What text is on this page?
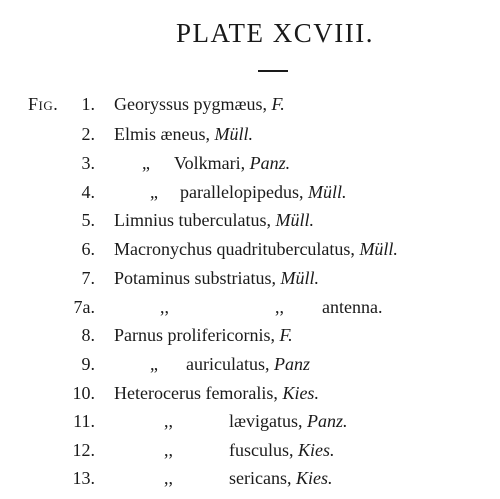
PLATE XCVIII.
Fig. 1. Georyssus pygmæus, F.
2. Elmis æneus, Müll.
3.	„ Volkmari, Panz.
4.	„ parallelopipedus, Müll.
5. Limnius tuberculatus, Müll.
6. Macronychus quadrituberculatus, Müll.
7. Potaminus substriatus, Müll.
7a.	,,	,, antenna.
8. Parnus prolifericornis, F.
9.	„ auriculatus, Panz
10. Heterocerus femoralis, Kies.
11.	,,	lævigatus, Panz.
12.	,,	fusculus, Kies.
13.	,,	sericans, Kies.
